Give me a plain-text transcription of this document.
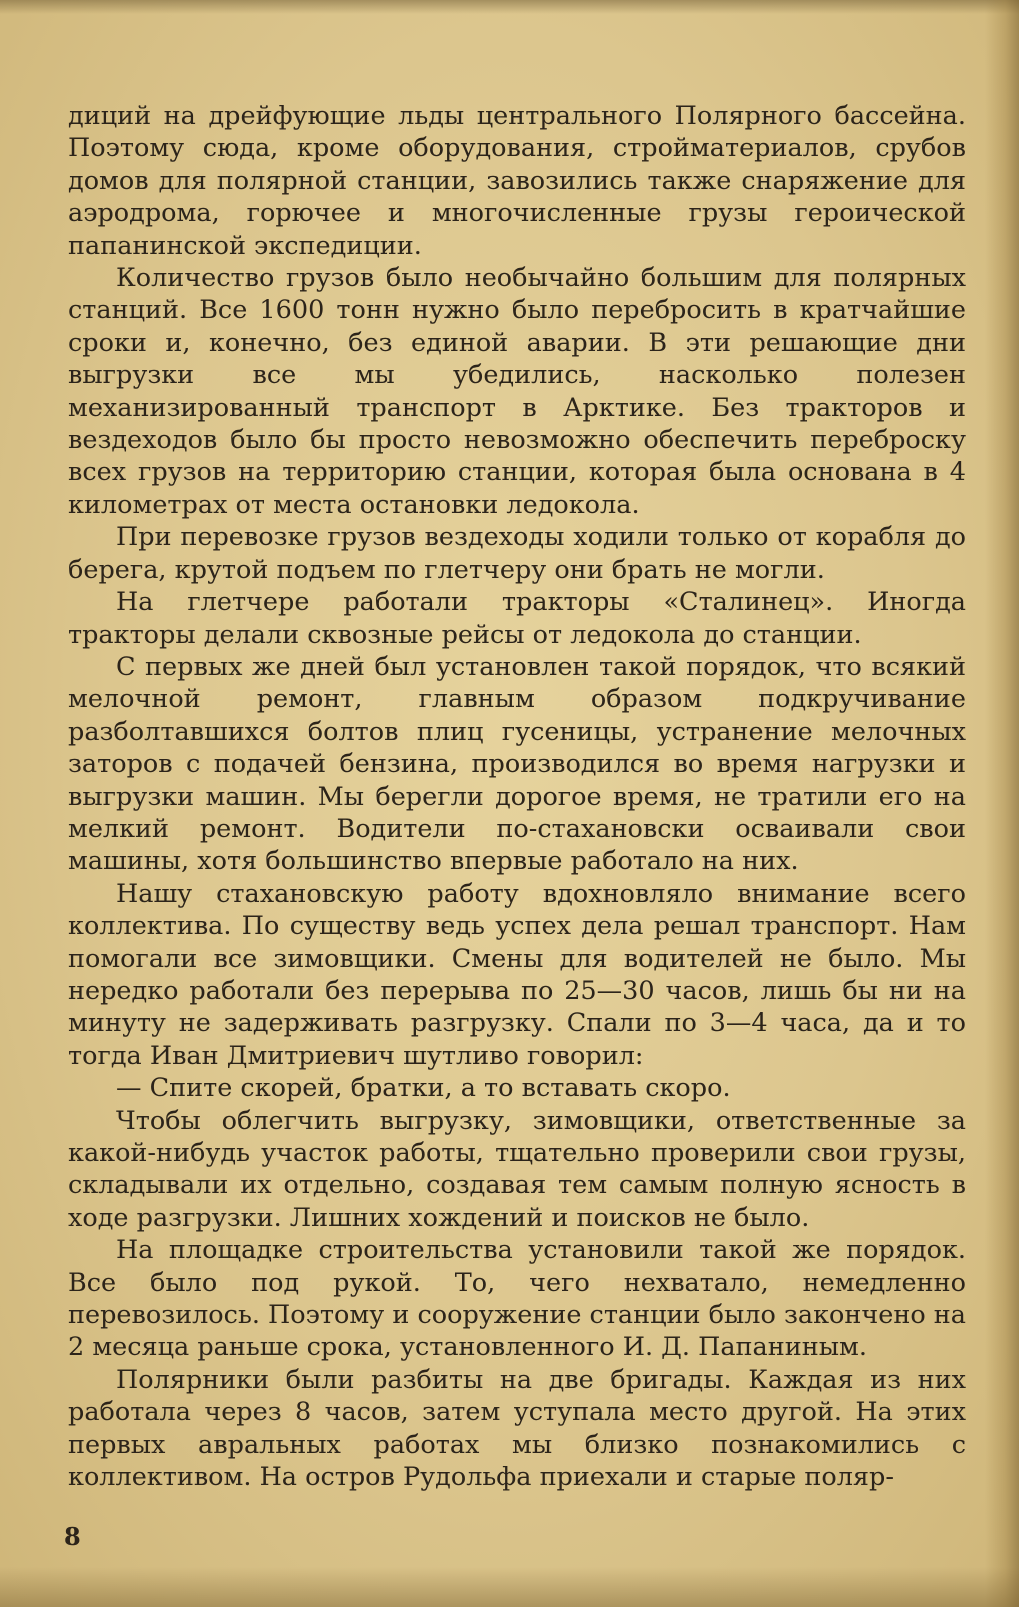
диций на дрейфующие льды центрального Полярного бассейна. Поэтому сюда, кроме оборудования, стройматериалов, срубов домов для полярной станции, завозились также снаряжение для аэродрома, горючее и многочисленные грузы героической папанинской экспедиции.

Количество грузов было необычайно большим для полярных станций. Все 1600 тонн нужно было перебросить в кратчайшие сроки и, конечно, без единой аварии. В эти решающие дни выгрузки все мы убедились, насколько полезен механизированный транспорт в Арктике. Без тракторов и вездеходов было бы просто невозможно обеспечить переброску всех грузов на территорию станции, которая была основана в 4 километрах от места остановки ледокола.

При перевозке грузов вездеходы ходили только от корабля до берега, крутой подъем по глетчеру они брать не могли.

На глетчере работали тракторы «Сталинец». Иногда тракторы делали сквозные рейсы от ледокола до станции.

С первых же дней был установлен такой порядок, что всякий мелочной ремонт, главным образом подкручивание разболтавшихся болтов плиц гусеницы, устранение мелочных заторов с подачей бензина, производился во время нагрузки и выгрузки машин. Мы берегли дорогое время, не тратили его на мелкий ремонт. Водители по-стахановски осваивали свои машины, хотя большинство впервые работало на них.

Нашу стахановскую работу вдохновляло внимание всего коллектива. По существу ведь успех дела решал транспорт. Нам помогали все зимовщики. Смены для водителей не было. Мы нередко работали без перерыва по 25—30 часов, лишь бы ни на минуту не задерживать разгрузку. Спали по 3—4 часа, да и то тогда Иван Дмитриевич шутливо говорил:

— Спите скорей, братки, а то вставать скоро.

Чтобы облегчить выгрузку, зимовщики, ответственные за какой-нибудь участок работы, тщательно проверили свои грузы, складывали их отдельно, создавая тем самым полную ясность в ходе разгрузки. Лишних хождений и поисков не было.

На площадке строительства установили такой же порядок. Все было под рукой. То, чего нехватало, немедленно перевозилось. Поэтому и сооружение станции было закончено на 2 месяца раньше срока, установленного И. Д. Папаниным.

Полярники были разбиты на две бригады. Каждая из них работала через 8 часов, затем уступала место другой. На этих первых авральных работах мы близко познакомились с коллективом. На остров Рудольфа приехали и старые поляр-

8
